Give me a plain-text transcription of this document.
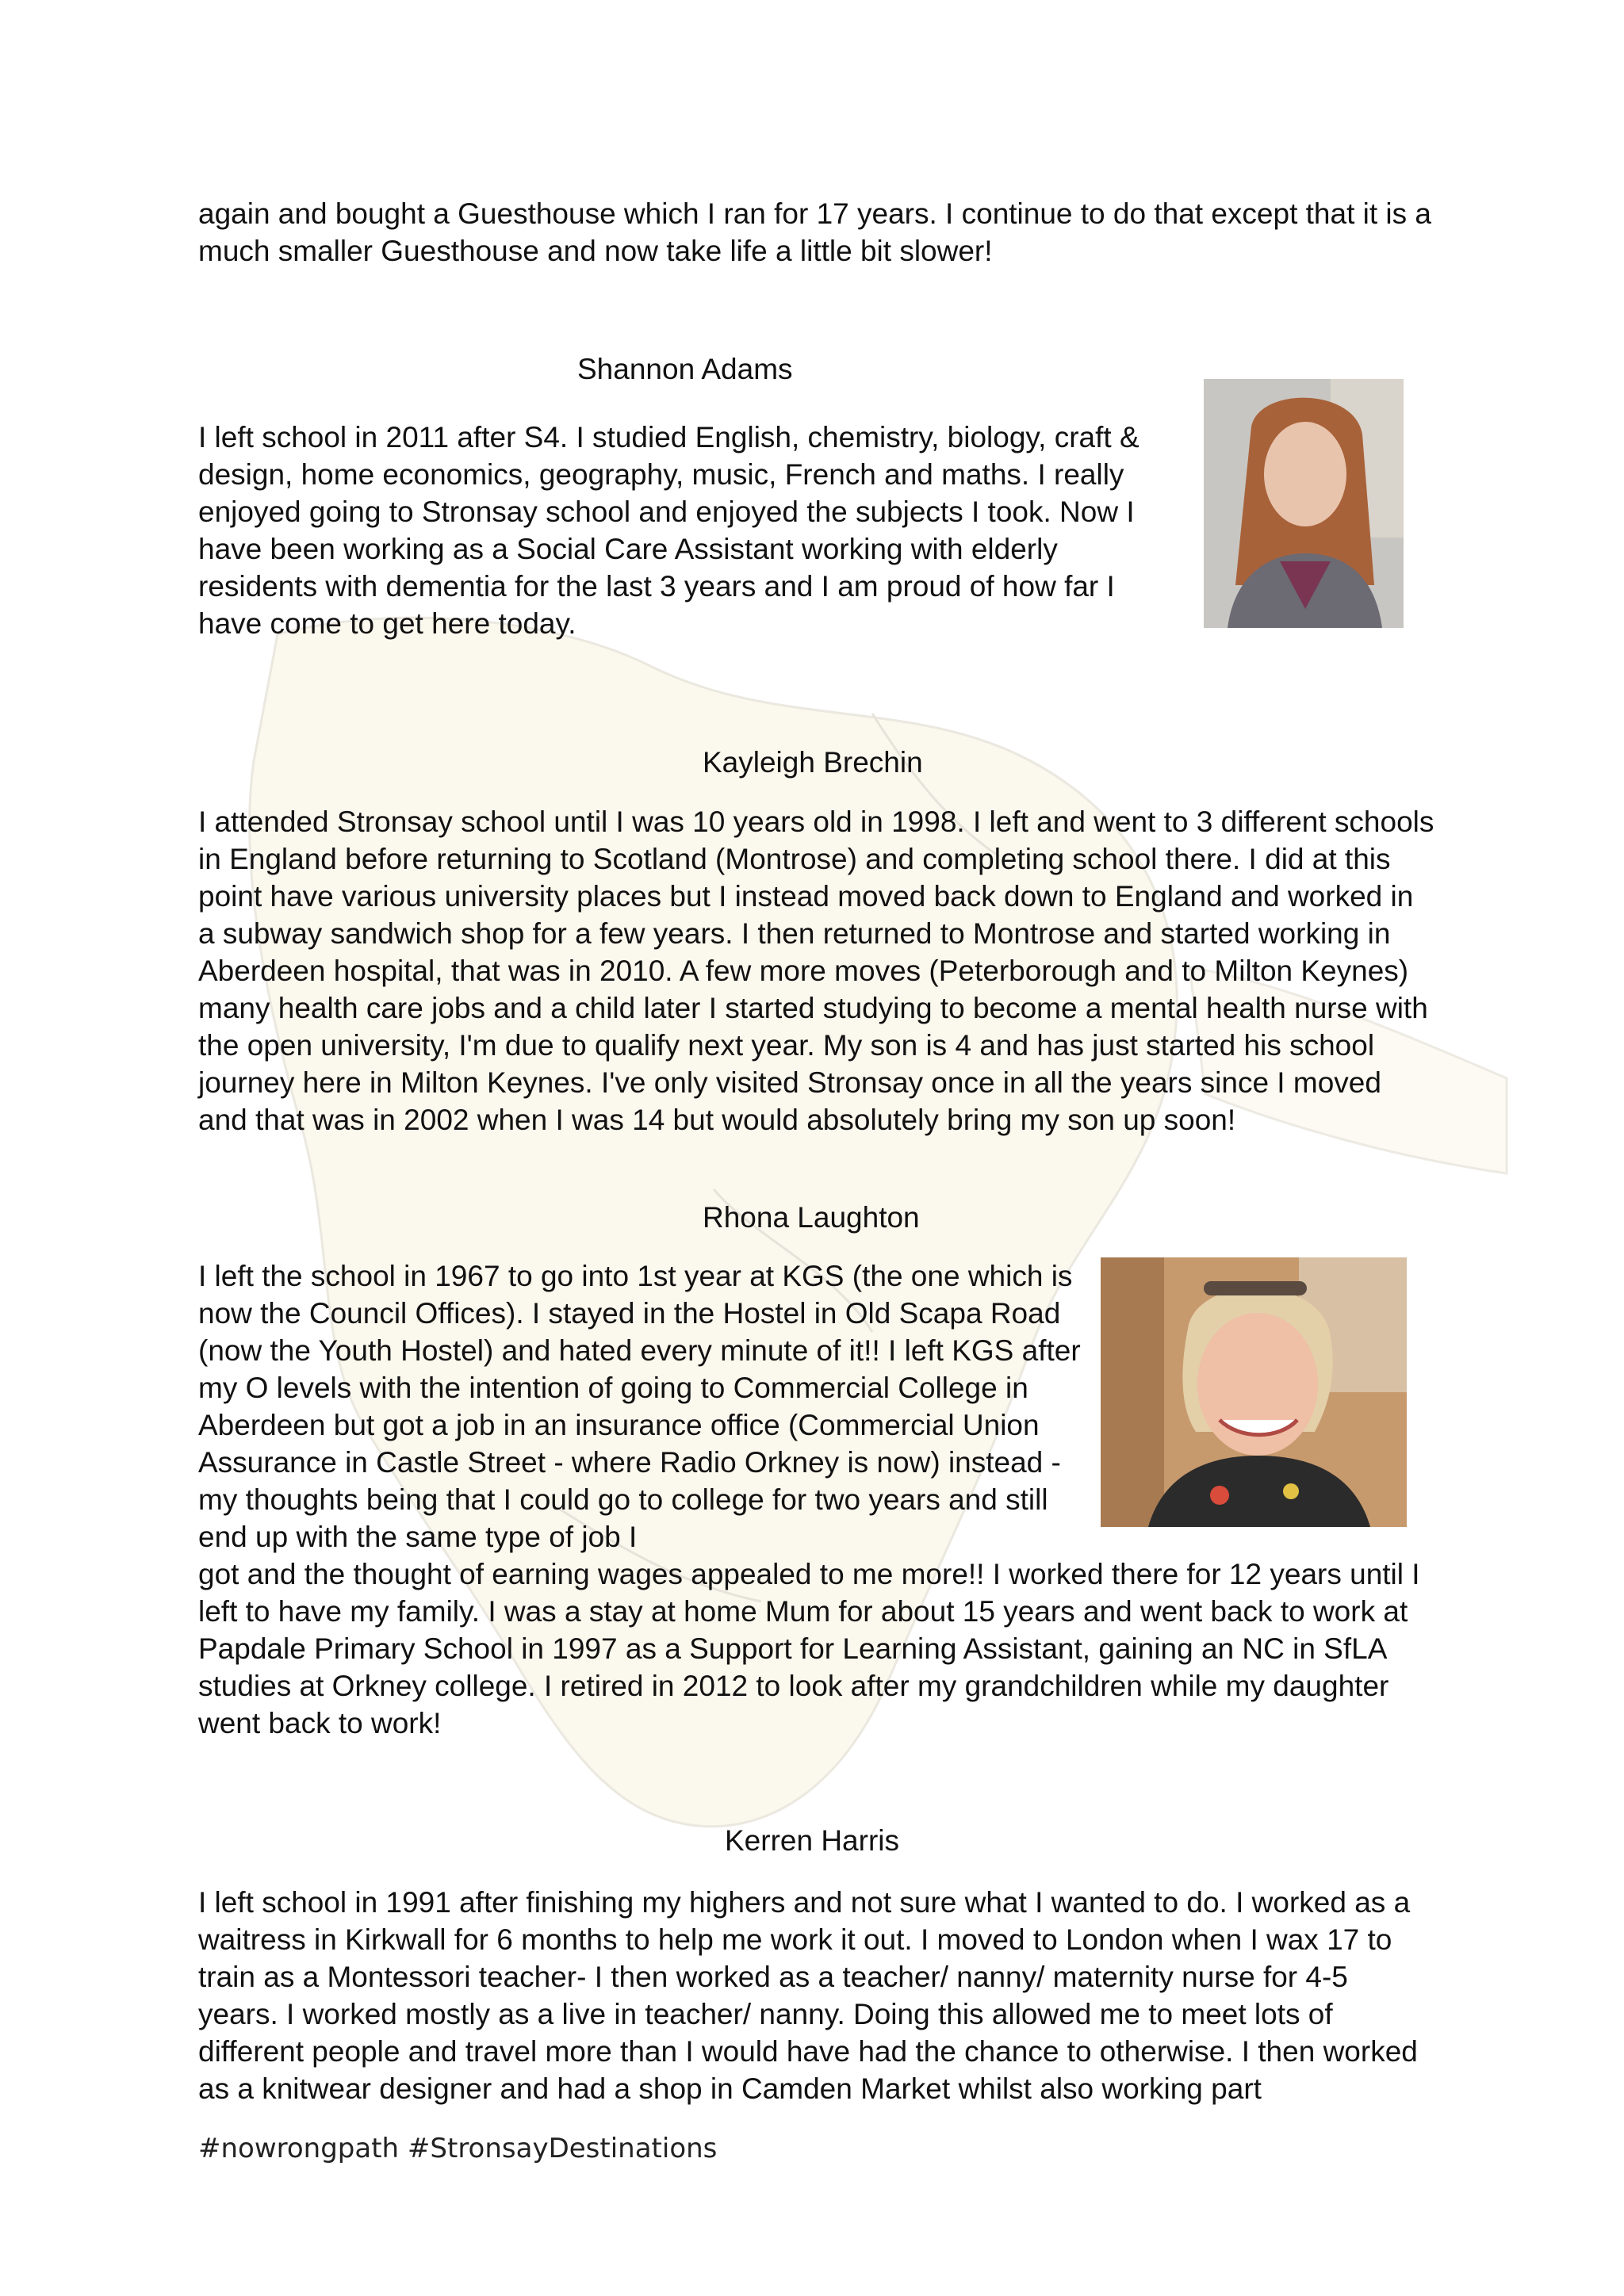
again and bought a Guesthouse which I ran for 17 years. I continue to do that except that it is a much smaller Guesthouse and now take life a little bit slower!

Shannon Adams

I left school in 2011 after S4. I studied English, chemistry, biology, craft & design, home economics, geography, music, French and maths. I really enjoyed going to Stronsay school and enjoyed the subjects I took. Now I have been working as a Social Care Assistant working with elderly residents with dementia for the last 3 years and I am proud of how far I have come to get here today.

Kayleigh Brechin

I attended Stronsay school until I was 10 years old in 1998. I left and went to 3 different schools in England before returning to Scotland (Montrose) and completing school there. I did at this point have various university places but I instead moved back down to England and worked in a subway sandwich shop for a few years. I then returned to Montrose and started working in Aberdeen hospital, that was in 2010. A few more moves (Peterborough and to Milton Keynes) many health care jobs and a child later I started studying to become a mental health nurse with the open university, I'm due to qualify next year. My son is 4 and has just started his school journey here in Milton Keynes. I've only visited Stronsay once in all the years since I moved and that was in 2002 when I was 14 but would absolutely bring my son up soon!

Rhona Laughton

I left the school in 1967 to go into 1st year at KGS (the one which is now the Council Offices). I stayed in the Hostel in Old Scapa Road (now the Youth Hostel) and hated every minute of it!! I left KGS after my O levels with the intention of going to Commercial College in Aberdeen but got a job in an insurance office (Commercial Union Assurance in Castle Street - where Radio Orkney is now) instead - my thoughts being that I could go to college for two years and still end up with the same type of job I

got and the thought of earning wages appealed to me more!! I worked there for 12 years until I left to have my family. I was a stay at home Mum for about 15 years and went back to work at Papdale Primary School in 1997 as a Support for Learning Assistant, gaining an NC in SfLA studies at Orkney college. I retired in 2012 to look after my grandchildren while my daughter went back to work!

Kerren Harris

I left school in 1991 after finishing my highers and not sure what I wanted to do. I worked as a waitress in Kirkwall for 6 months to help me work it out. I moved to London when I wax 17 to train as a Montessori teacher- I then worked as a teacher/ nanny/ maternity nurse for 4-5 years. I worked mostly as a live in teacher/ nanny. Doing this allowed me to meet lots of different people and travel more than I would have had the chance to otherwise. I then worked as a knitwear designer and had a shop in Camden Market whilst also working part

#nowrongpath #StronsayDestinations
